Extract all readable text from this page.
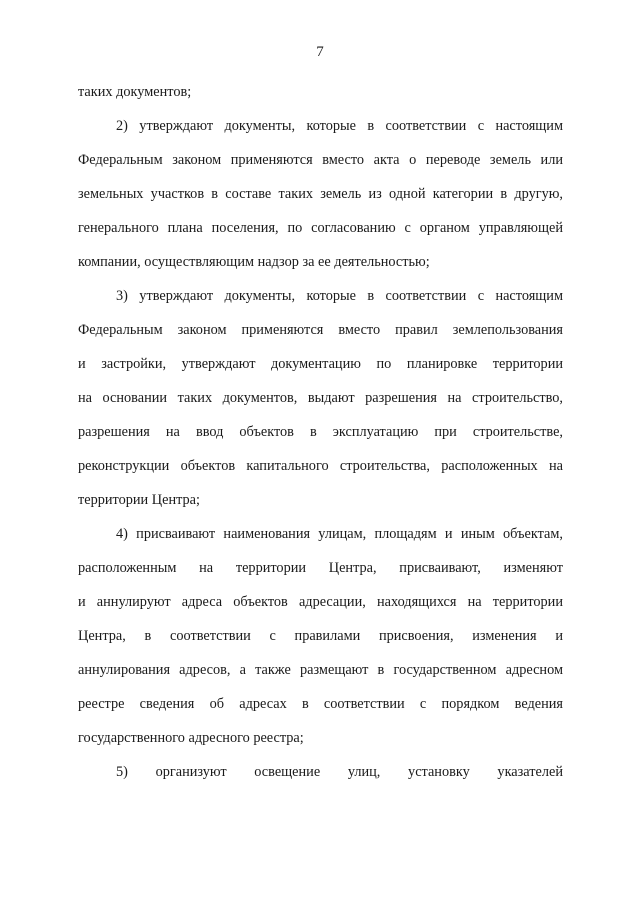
7
таких документов;
2) утверждают документы, которые в соответствии с настоящим
Федеральным законом применяются вместо акта о переводе земель или
земельных участков в составе таких земель из одной категории в другую,
генерального плана поселения, по согласованию с органом управляющей
компании, осуществляющим надзор за ее деятельностью;
3) утверждают документы, которые в соответствии с настоящим
Федеральным законом применяются вместо правил землепользования
и застройки, утверждают документацию по планировке территории
на основании таких документов, выдают разрешения на строительство,
разрешения на ввод объектов в эксплуатацию при строительстве,
реконструкции объектов капитального строительства, расположенных на
территории Центра;
4) присваивают наименования улицам, площадям и иным объектам,
расположенным на территории Центра, присваивают, изменяют
и аннулируют адреса объектов адресации, находящихся на территории
Центра, в соответствии с правилами присвоения, изменения и
аннулирования адресов, а также размещают в государственном адресном
реестре сведения об адресах в соответствии с порядком ведения
государственного адресного реестра;
5) организуют освещение улиц, установку указателей
